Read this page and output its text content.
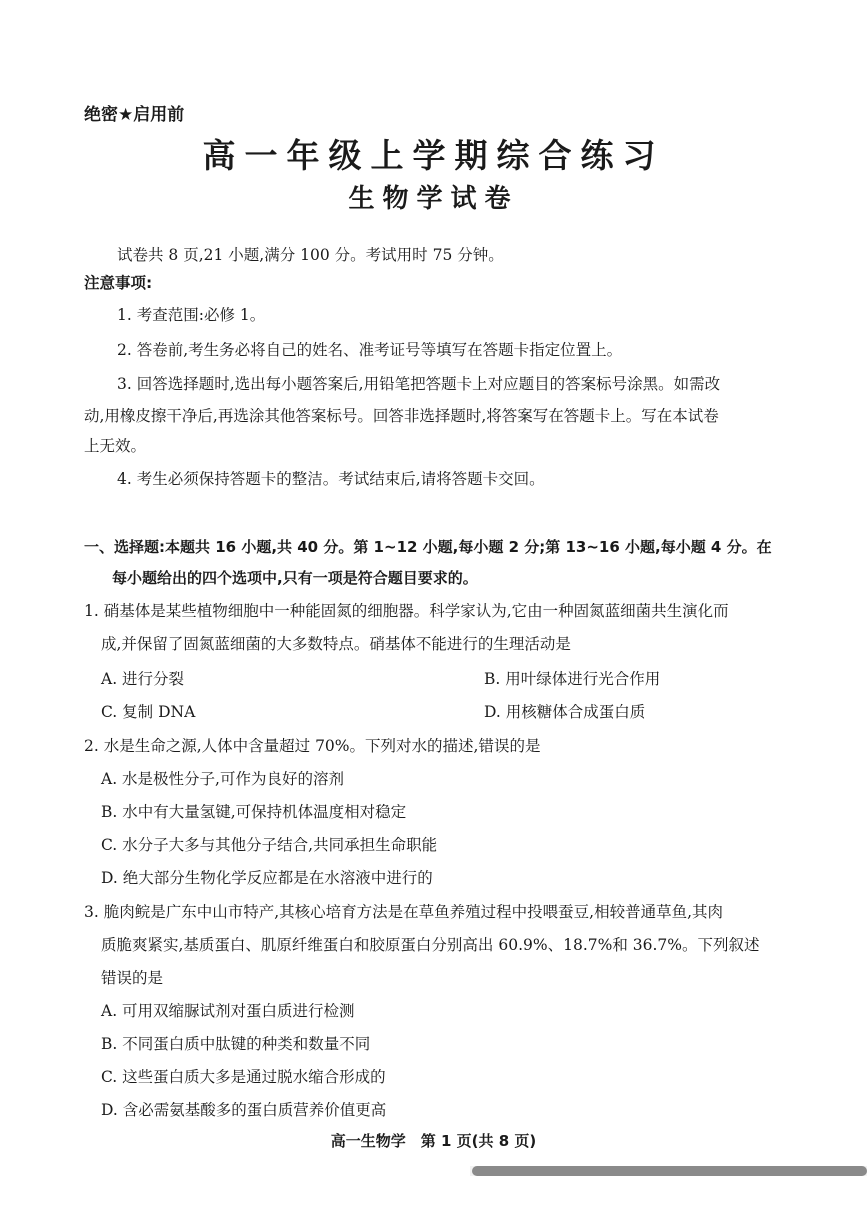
绝密★启用前
高一年级上学期综合练习
生物学试卷
试卷共 8 页,21 小题,满分 100 分。考试用时 75 分钟。
注意事项:
1. 考查范围:必修 1。
2. 答卷前,考生务必将自己的姓名、准考证号等填写在答题卡指定位置上。
3. 回答选择题时,选出每小题答案后,用铅笔把答题卡上对应题目的答案标号涂黑。如需改
动,用橡皮擦干净后,再选涂其他答案标号。回答非选择题时,将答案写在答题卡上。写在本试卷
上无效。
4. 考生必须保持答题卡的整洁。考试结束后,请将答题卡交回。
一、选择题:本题共 16 小题,共 40 分。第 1~12 小题,每小题 2 分;第 13~16 小题,每小题 4 分。在
每小题给出的四个选项中,只有一项是符合题目要求的。
1. 硝基体是某些植物细胞中一种能固氮的细胞器。科学家认为,它由一种固氮蓝细菌共生演化而
成,并保留了固氮蓝细菌的大多数特点。硝基体不能进行的生理活动是
A. 进行分裂	B. 用叶绿体进行光合作用
C. 复制 DNA	D. 用核糖体合成蛋白质
2. 水是生命之源,人体中含量超过 70%。下列对水的描述,错误的是
A. 水是极性分子,可作为良好的溶剂
B. 水中有大量氢键,可保持机体温度相对稳定
C. 水分子大多与其他分子结合,共同承担生命职能
D. 绝大部分生物化学反应都是在水溶液中进行的
3. 脆肉鲩是广东中山市特产,其核心培育方法是在草鱼养殖过程中投喂蚕豆,相较普通草鱼,其肉
质脆爽紧实,基质蛋白、肌原纤维蛋白和胶原蛋白分别高出 60.9%、18.7%和 36.7%。下列叙述
错误的是
A. 可用双缩脲试剂对蛋白质进行检测
B. 不同蛋白质中肽键的种类和数量不同
C. 这些蛋白质大多是通过脱水缩合形成的
D. 含必需氨基酸多的蛋白质营养价值更高
高一生物学　第 1 页(共 8 页)
